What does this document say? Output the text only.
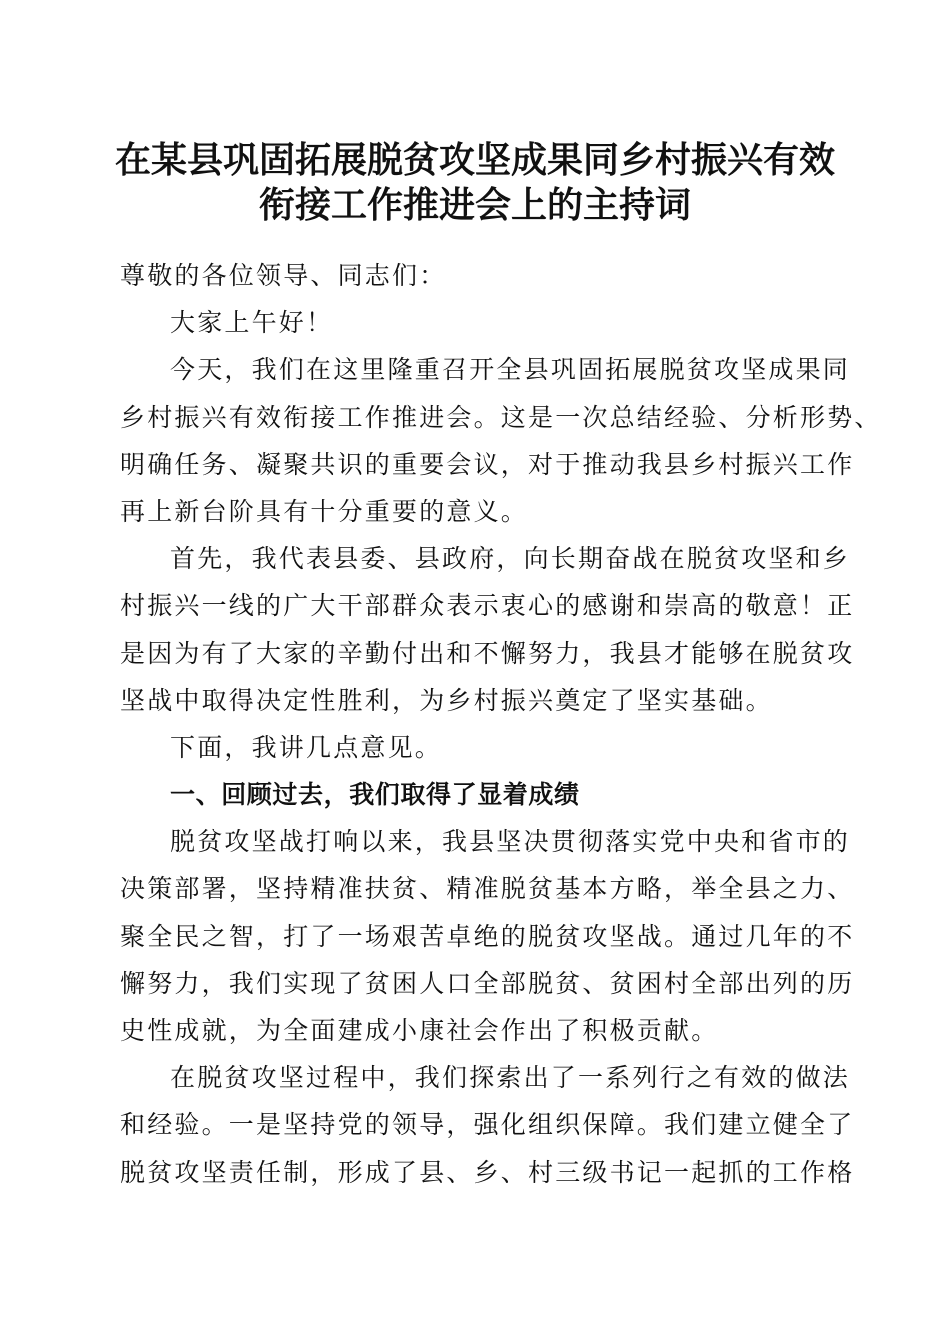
在某县巩固拓展脱贫攻坚成果同乡村振兴有效
衔接工作推进会上的主持词
尊敬的各位领导、同志们：
大家上午好！
今天，我们在这里隆重召开全县巩固拓展脱贫攻坚成果同
乡村振兴有效衔接工作推进会。这是一次总结经验、分析形势、
明确任务、凝聚共识的重要会议，对于推动我县乡村振兴工作
再上新台阶具有十分重要的意义。
首先，我代表县委、县政府，向长期奋战在脱贫攻坚和乡
村振兴一线的广大干部群众表示衷心的感谢和崇高的敬意！正
是因为有了大家的辛勤付出和不懈努力，我县才能够在脱贫攻
坚战中取得决定性胜利，为乡村振兴奠定了坚实基础。
下面，我讲几点意见。
一、回顾过去，我们取得了显着成绩
脱贫攻坚战打响以来，我县坚决贯彻落实党中央和省市的
决策部署，坚持精准扶贫、精准脱贫基本方略，举全县之力、
聚全民之智，打了一场艰苦卓绝的脱贫攻坚战。通过几年的不
懈努力，我们实现了贫困人口全部脱贫、贫困村全部出列的历
史性成就，为全面建成小康社会作出了积极贡献。
在脱贫攻坚过程中，我们探索出了一系列行之有效的做法
和经验。一是坚持党的领导，强化组织保障。我们建立健全了
脱贫攻坚责任制，形成了县、乡、村三级书记一起抓的工作格
